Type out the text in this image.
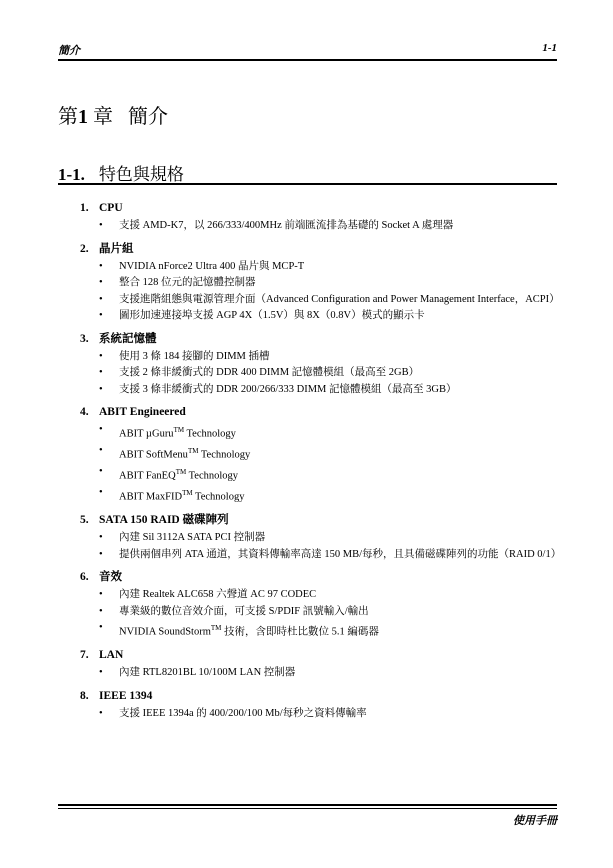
簡介	1-1
第1 章 簡介
1-1. 特色與規格
1. CPU
• 支援 AMD-K7，以 266/333/400MHz 前端匯流排為基礎的 Socket A 處理器
2. 晶片組
• NVIDIA nForce2 Ultra 400 晶片與 MCP-T
• 整合 128 位元的記憶體控制器
• 支援進階組態與電源管理介面（Advanced Configuration and Power Management Interface，ACPI）
• 圖形加速連接埠支援 AGP 4X（1.5V）與 8X（0.8V）模式的顯示卡
3. 系統記憶體
• 使用 3 條 184 接腳的 DIMM 插槽
• 支援 2 條非緩衝式的 DDR 400 DIMM 記憶體模組（最高至 2GB）
• 支援 3 條非緩衝式的 DDR 200/266/333 DIMM 記憶體模組（最高至 3GB）
4. ABIT Engineered
• ABIT µGuru™ Technology
• ABIT SoftMenu™ Technology
• ABIT FanEQ™ Technology
• ABIT MaxFID™ Technology
5. SATA 150 RAID 磁碟陣列
• 內建 Sil 3112A SATA PCI 控制器
• 提供兩個串列 ATA 通道，其資料傳輸率高達 150 MB/每秒，且具備磁碟陣列的功能（RAID 0/1）
6. 音效
• 內建 Realtek ALC658 六聲道 AC 97 CODEC
• 專業級的數位音效介面，可支援 S/PDIF 訊號輸入/輸出
• NVIDIA SoundStorm™ 技術，含即時杜比數位 5.1 編碼器
7. LAN
• 內建 RTL8201BL 10/100M LAN 控制器
8. IEEE 1394
• 支援 IEEE 1394a 的 400/200/100 Mb/每秒之資料傳輸率
使用手冊
